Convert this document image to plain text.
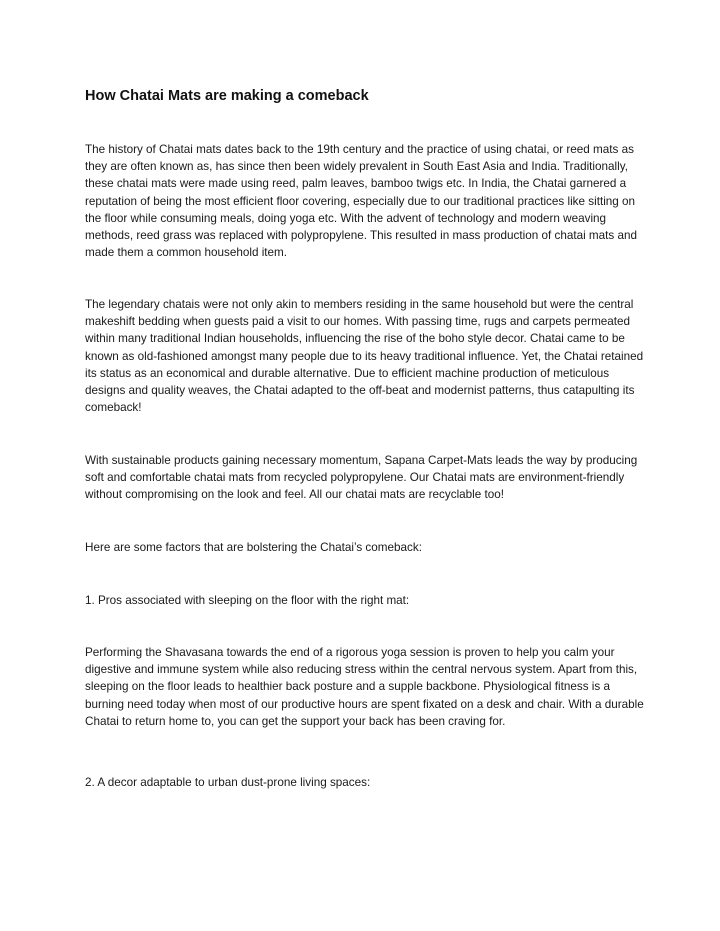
How Chatai Mats are making a comeback

The history of Chatai mats dates back to the 19th century and the practice of using chatai, or reed mats as they are often known as, has since then been widely prevalent in South East Asia and India. Traditionally, these chatai mats were made using reed, palm leaves, bamboo twigs etc. In India, the Chatai garnered a reputation of being the most efficient floor covering, especially due to our traditional practices like sitting on the floor while consuming meals, doing yoga etc. With the advent of technology and modern weaving methods, reed grass was replaced with polypropylene. This resulted in mass production of chatai mats and made them a common household item.

The legendary chatais were not only akin to members residing in the same household but were the central makeshift bedding when guests paid a visit to our homes. With passing time, rugs and carpets permeated within many traditional Indian households, influencing the rise of the boho style decor. Chatai came to be known as old-fashioned amongst many people due to its heavy traditional influence. Yet, the Chatai retained its status as an economical and durable alternative. Due to efficient machine production of meticulous designs and quality weaves, the Chatai adapted to the off-beat and modernist patterns, thus catapulting its comeback!

With sustainable products gaining necessary momentum, Sapana Carpet-Mats leads the way by producing soft and comfortable chatai mats from recycled polypropylene. Our Chatai mats are environment-friendly without compromising on the look and feel. All our chatai mats are recyclable too!

Here are some factors that are bolstering the Chatai’s comeback:

1. Pros associated with sleeping on the floor with the right mat:

Performing the Shavasana towards the end of a rigorous yoga session is proven to help you calm your digestive and immune system while also reducing stress within the central nervous system. Apart from this, sleeping on the floor leads to healthier back posture and a supple backbone. Physiological fitness is a burning need today when most of our productive hours are spent fixated on a desk and chair. With a durable Chatai to return home to, you can get the support your back has been craving for.

2. A decor adaptable to urban dust-prone living spaces:
